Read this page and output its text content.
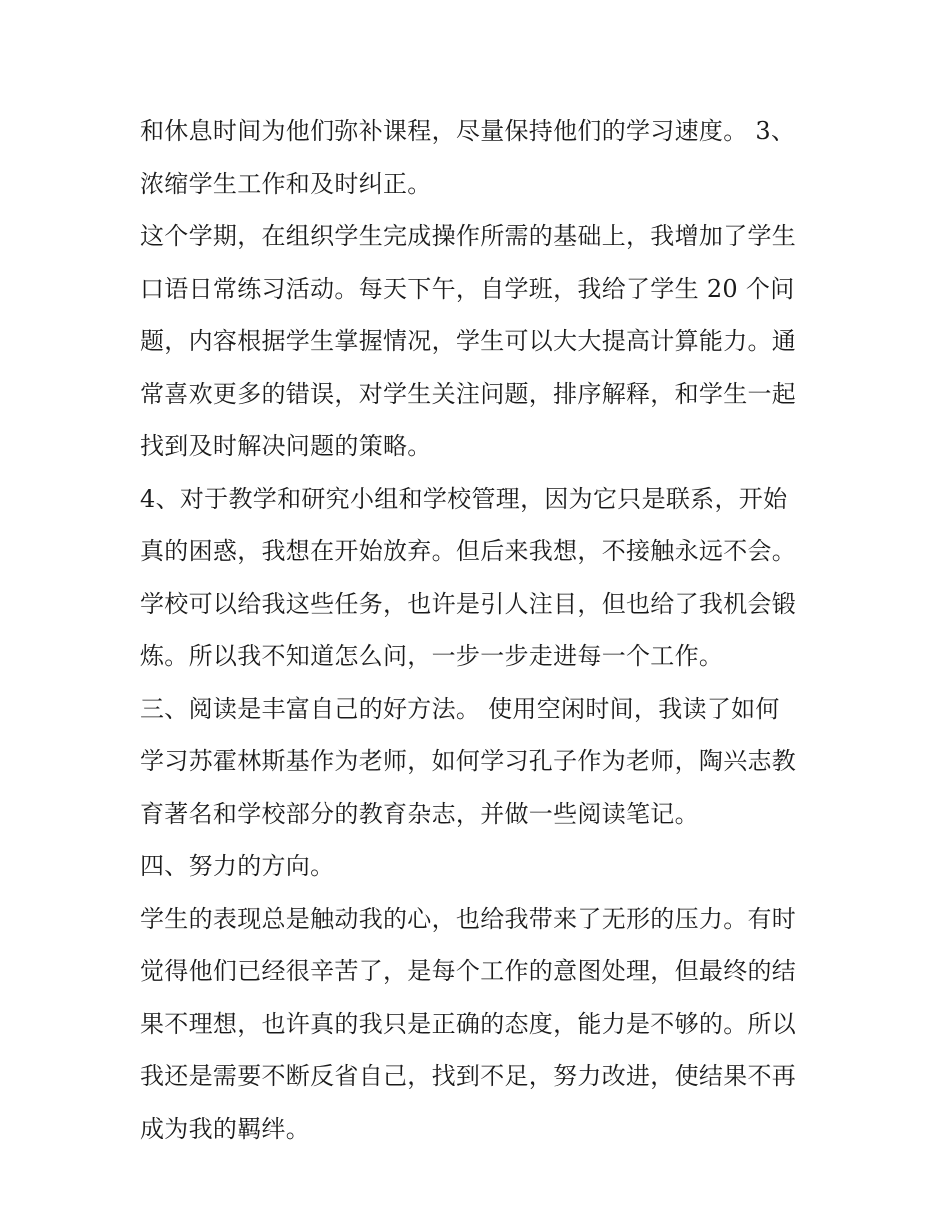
和休息时间为他们弥补课程，尽量保持他们的学习速度。 3、
浓缩学生工作和及时纠正。
这个学期，在组织学生完成操作所需的基础上，我增加了学生
口语日常练习活动。每天下午，自学班，我给了学生 20 个问
题，内容根据学生掌握情况，学生可以大大提高计算能力。通
常喜欢更多的错误，对学生关注问题，排序解释，和学生一起
找到及时解决问题的策略。
4、对于教学和研究小组和学校管理，因为它只是联系，开始
真的困惑，我想在开始放弃。但后来我想，不接触永远不会。
学校可以给我这些任务，也许是引人注目，但也给了我机会锻
炼。所以我不知道怎么问，一步一步走进每一个工作。
三、阅读是丰富自己的好方法。 使用空闲时间，我读了如何
学习苏霍林斯基作为老师，如何学习孔子作为老师，陶兴志教
育著名和学校部分的教育杂志，并做一些阅读笔记。
四、努力的方向。
学生的表现总是触动我的心，也给我带来了无形的压力。有时
觉得他们已经很辛苦了，是每个工作的意图处理，但最终的结
果不理想，也许真的我只是正确的态度，能力是不够的。所以
我还是需要不断反省自己，找到不足，努力改进，使结果不再
成为我的羁绊。
